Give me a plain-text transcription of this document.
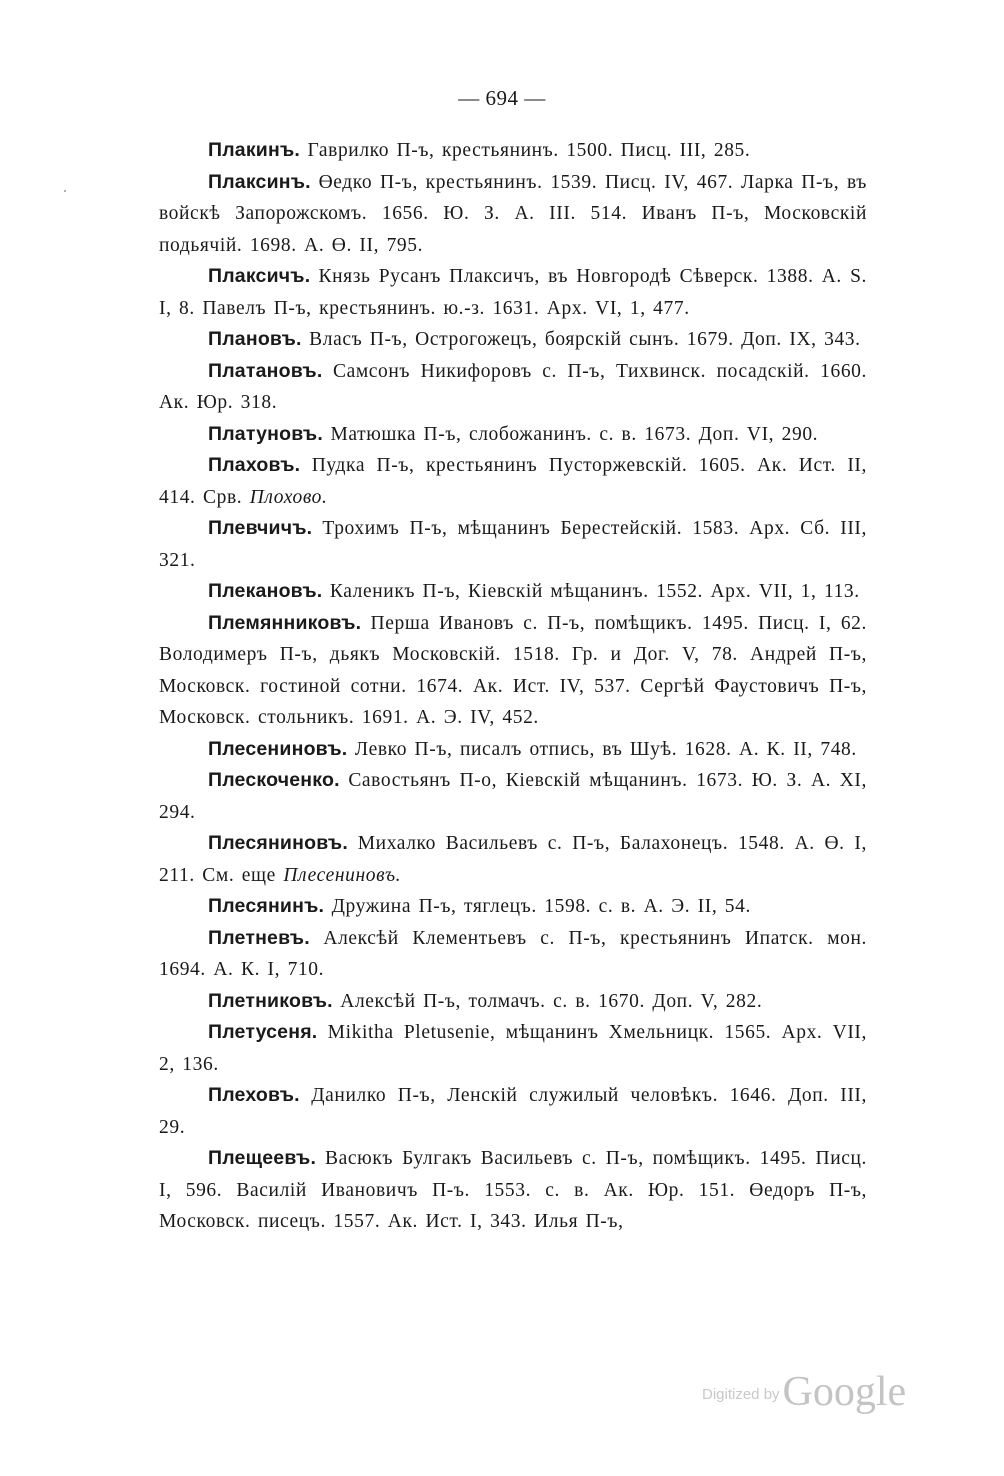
— 694 —

Плакинъ. Гаврилко П-ъ, крестьянинъ. 1500. Писц. III, 285.

Плаксинъ. Өедко П-ъ, крестьянинъ. 1539. Писц. IV, 467. Ларка П-ъ, въ войскѣ Запорожскомъ. 1656. Ю. З. А. III. 514. Иванъ П-ъ, Московскій подьячій. 1698. А. Ө. II, 795.

Плаксичъ. Князь Русанъ Плаксичъ, въ Новгородѣ Сѣверск. 1388. А. S. I, 8. Павелъ П-ъ, крестьянинъ. ю.-з. 1631. Арх. VI, 1, 477.

Плановъ. Власъ П-ъ, Острогожецъ, боярскій сынъ. 1679. Доп. IX, 343.

Платановъ. Самсонъ Никифоровъ с. П-ъ, Тихвинск. посадскій. 1660. Ак. Юр. 318.

Платуновъ. Матюшка П-ъ, слобожанинъ. с. в. 1673. Доп. VI, 290.

Плаховъ. Пудка П-ъ, крестьянинъ Пусторжевскій. 1605. Ак. Ист. II, 414. Срв. Плохово.

Плевчичъ. Трохимъ П-ъ, мѣщанинъ Берестейскій. 1583. Арх. Сб. III, 321.

Плекановъ. Каленикъ П-ъ, Кіевскій мѣщанинъ. 1552. Арх. VII, 1, 113.

Племянниковъ. Перша Ивановъ с. П-ъ, помѣщикъ. 1495. Писц. I, 62. Володимеръ П-ъ, дьякъ Московскій. 1518. Гр. и Дог. V, 78. Андрей П-ъ, Московск. гостиной сотни. 1674. Ак. Ист. IV, 537. Сергѣй Фаустовичъ П-ъ, Московск. стольникъ. 1691. А. Э. IV, 452.

Плесениновъ. Левко П-ъ, писалъ отпись, въ Шуѣ. 1628. А. К. II, 748.

Плескоченко. Савостьянъ П-о, Кіевскій мѣщанинъ. 1673. Ю. З. А. XI, 294.

Плесяниновъ. Михалко Васильевъ с. П-ъ, Балахонецъ. 1548. А. Ө. I, 211. См. еще Плесениновъ.

Плесянинъ. Дружина П-ъ, тяглецъ. 1598. с. в. А. Э. II, 54.

Плетневъ. Алексѣй Клементьевъ с. П-ъ, крестьянинъ Ипатск. мон. 1694. А. К. I, 710.

Плетниковъ. Алексѣй П-ъ, толмачъ. с. в. 1670. Доп. V, 282.

Плетусеня. Mikitha Pletusenie, мѣщанинъ Хмельницк. 1565. Арх. VII, 2, 136.

Плеховъ. Данилко П-ъ, Ленскій служилый человѣкъ. 1646. Доп. III, 29.

Плещеевъ. Васюкъ Булгакъ Васильевъ с. П-ъ, помѣщикъ. 1495. Писц. I, 596. Василій Ивановичъ П-ъ. 1553. с. в. Ак. Юр. 151. Өедоръ П-ъ, Московск. писецъ. 1557. Ак. Ист. I, 343. Илья П-ъ,

Digitized byGoogle
